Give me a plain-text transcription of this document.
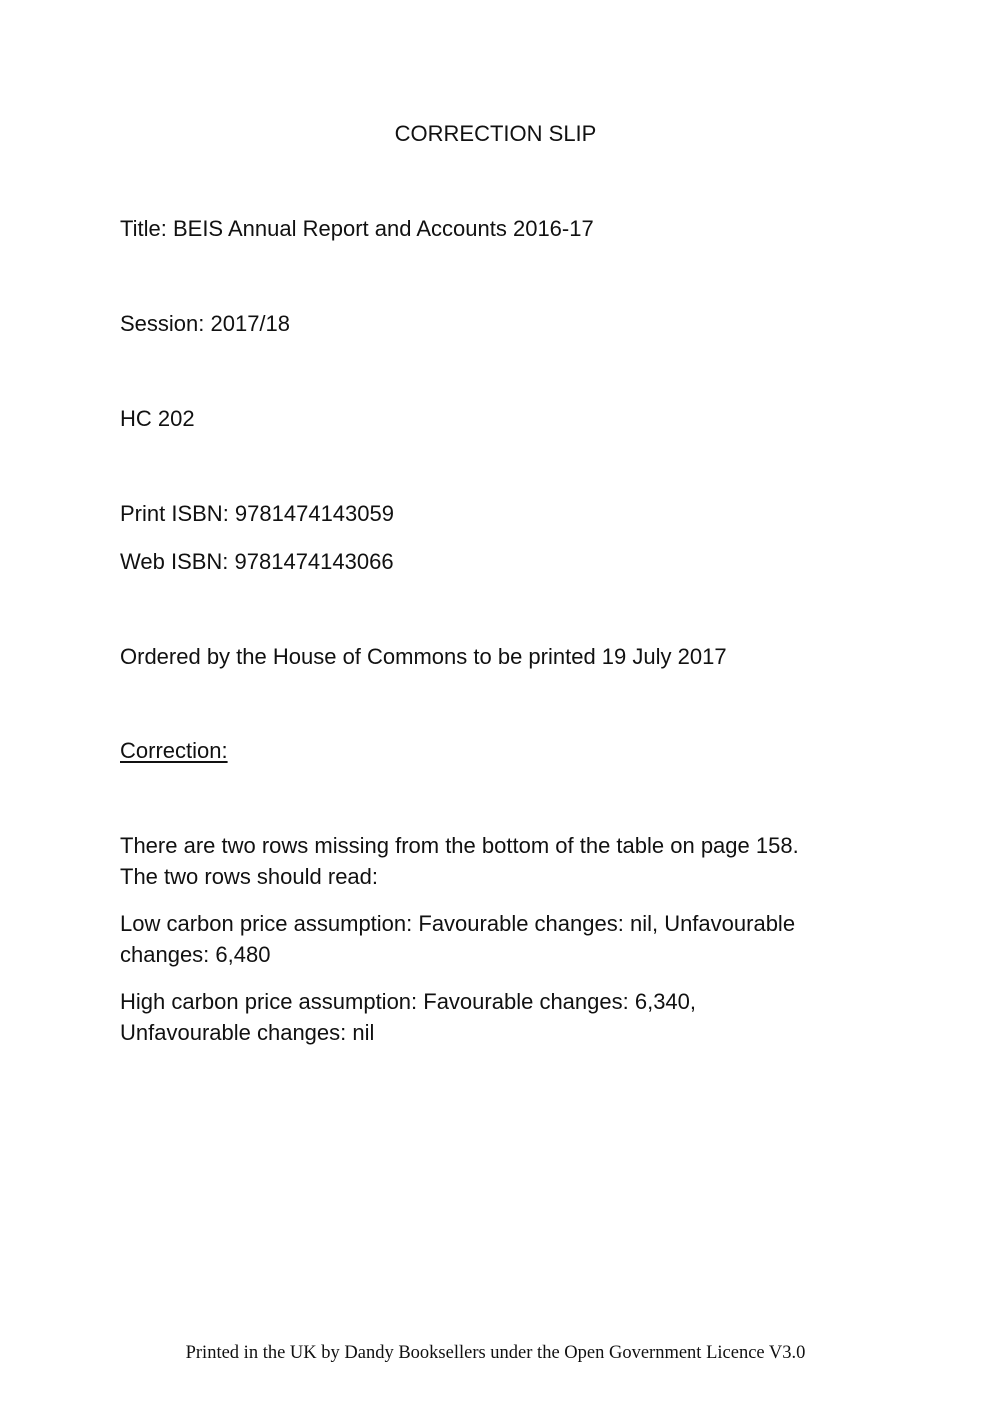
CORRECTION SLIP
Title: BEIS Annual Report and Accounts 2016-17
Session: 2017/18
HC 202
Print ISBN: 9781474143059
Web ISBN: 9781474143066
Ordered by the House of Commons to be printed 19 July 2017
Correction:
There are two rows missing from the bottom of the table on page 158.
The two rows should read:
Low carbon price assumption: Favourable changes: nil, Unfavourable
changes: 6,480
High carbon price assumption: Favourable changes: 6,340,
Unfavourable changes: nil
Printed in the UK by Dandy Booksellers under the Open Government Licence V3.0
